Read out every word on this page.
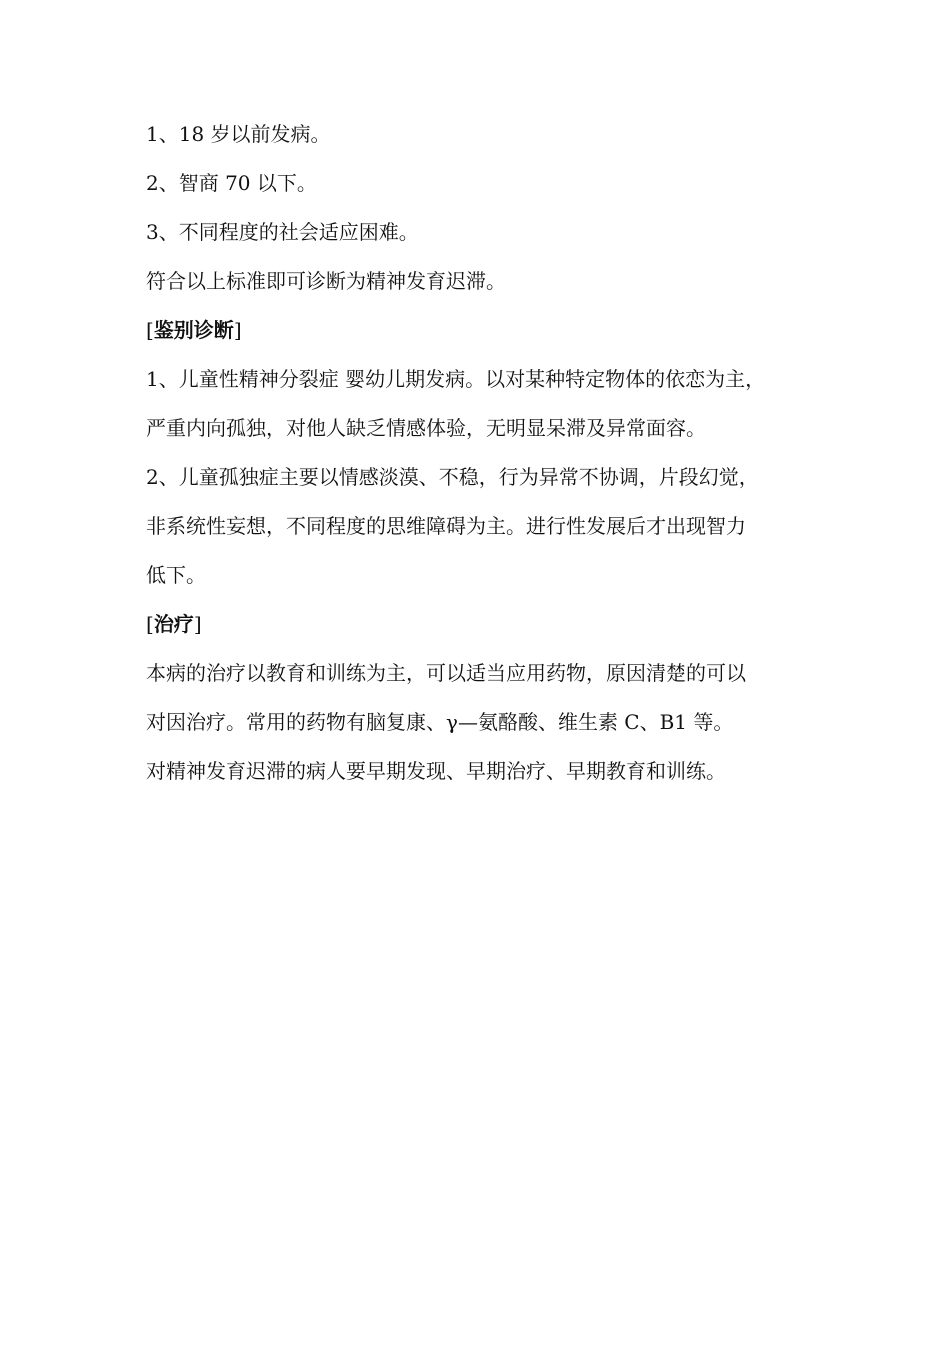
1、18 岁以前发病。
2、智商 70 以下。
3、不同程度的社会适应困难。
符合以上标准即可诊断为精神发育迟滞。
[鉴别诊断]
1、儿童性精神分裂症 婴幼儿期发病。以对某种特定物体的依恋为主，
严重内向孤独，对他人缺乏情感体验，无明显呆滞及异常面容。
2、儿童孤独症主要以情感淡漠、不稳，行为异常不协调，片段幻觉，
非系统性妄想，不同程度的思维障碍为主。进行性发展后才出现智力
低下。
[治疗]
本病的治疗以教育和训练为主，可以适当应用药物，原因清楚的可以
对因治疗。常用的药物有脑复康、γ—氨酪酸、维生素 C、B1 等。
对精神发育迟滞的病人要早期发现、早期治疗、早期教育和训练。
